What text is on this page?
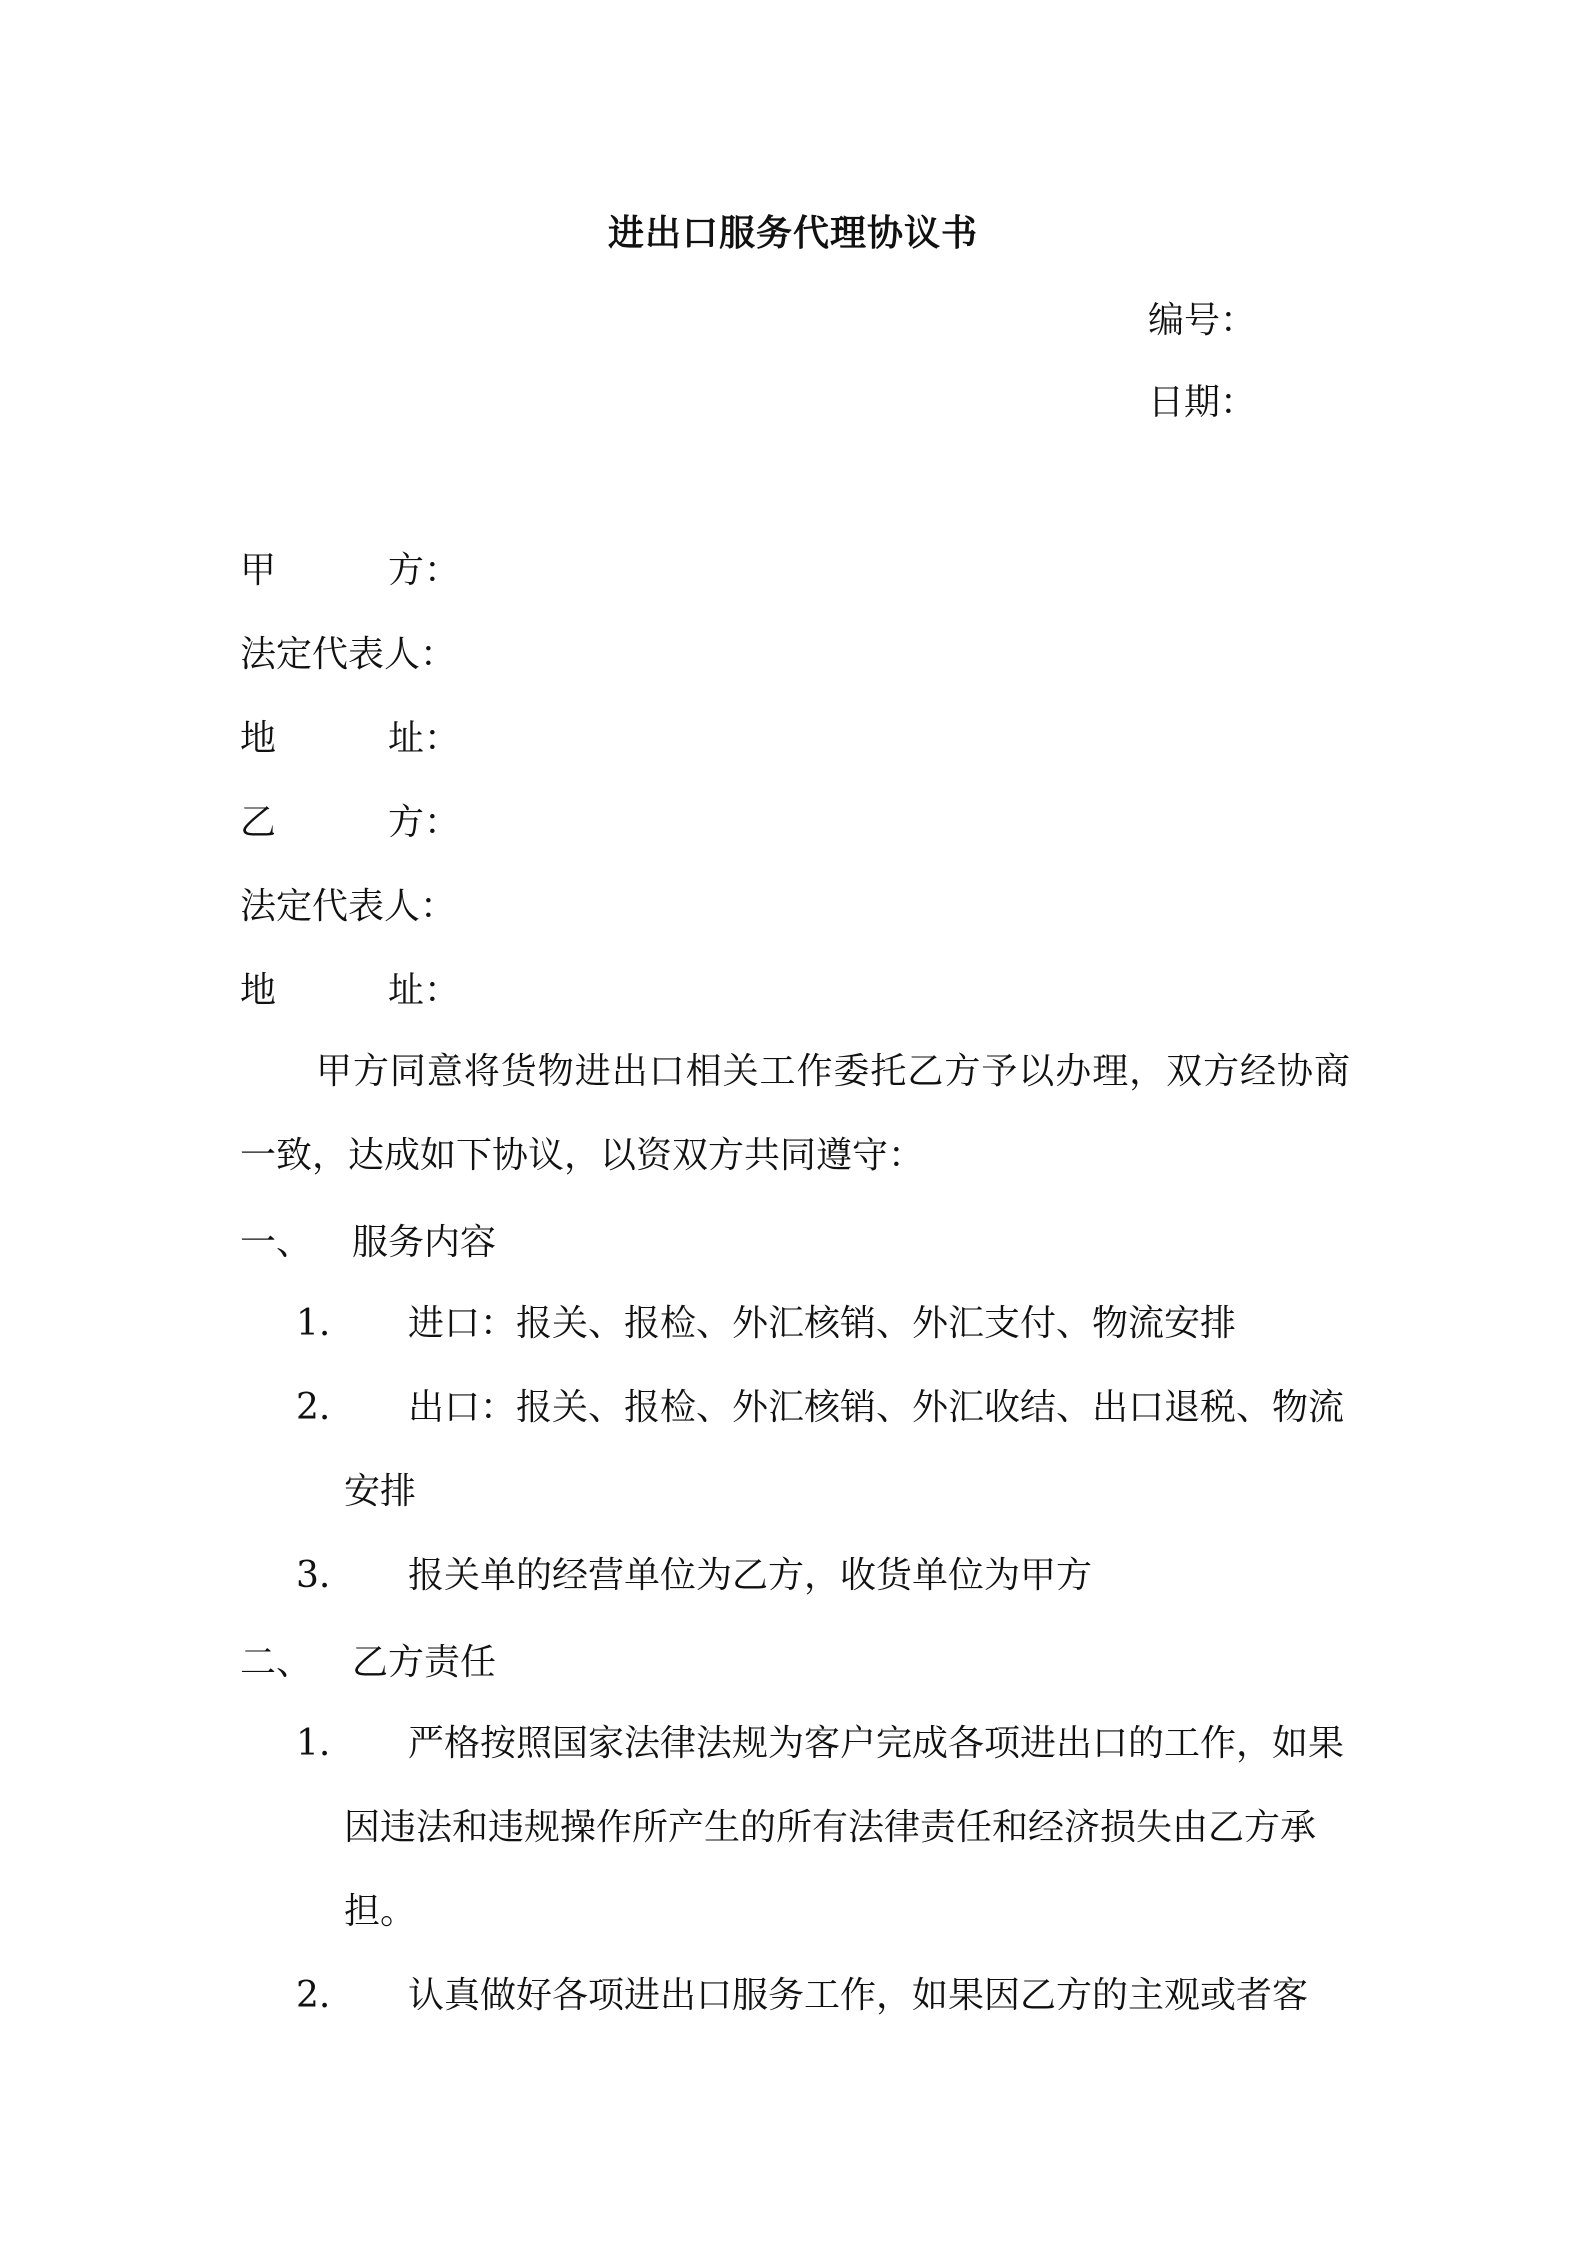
进出口服务代理协议书
编号：
日期：
甲	方：
法定代表人：
地	址：
乙	方：
法定代表人：
地	址：
甲方同意将货物进出口相关工作委托乙方予以办理，双方经协商一致，达成如下协议，以资双方共同遵守：
一、 服务内容
1.	进口：报关、报检、外汇核销、外汇支付、物流安排
2.	出口：报关、报检、外汇核销、外汇收结、出口退税、物流安排
3.	报关单的经营单位为乙方，收货单位为甲方
二、 乙方责任
1.	严格按照国家法律法规为客户完成各项进出口的工作，如果因违法和违规操作所产生的所有法律责任和经济损失由乙方承担。
2.	认真做好各项进出口服务工作，如果因乙方的主观或者客
